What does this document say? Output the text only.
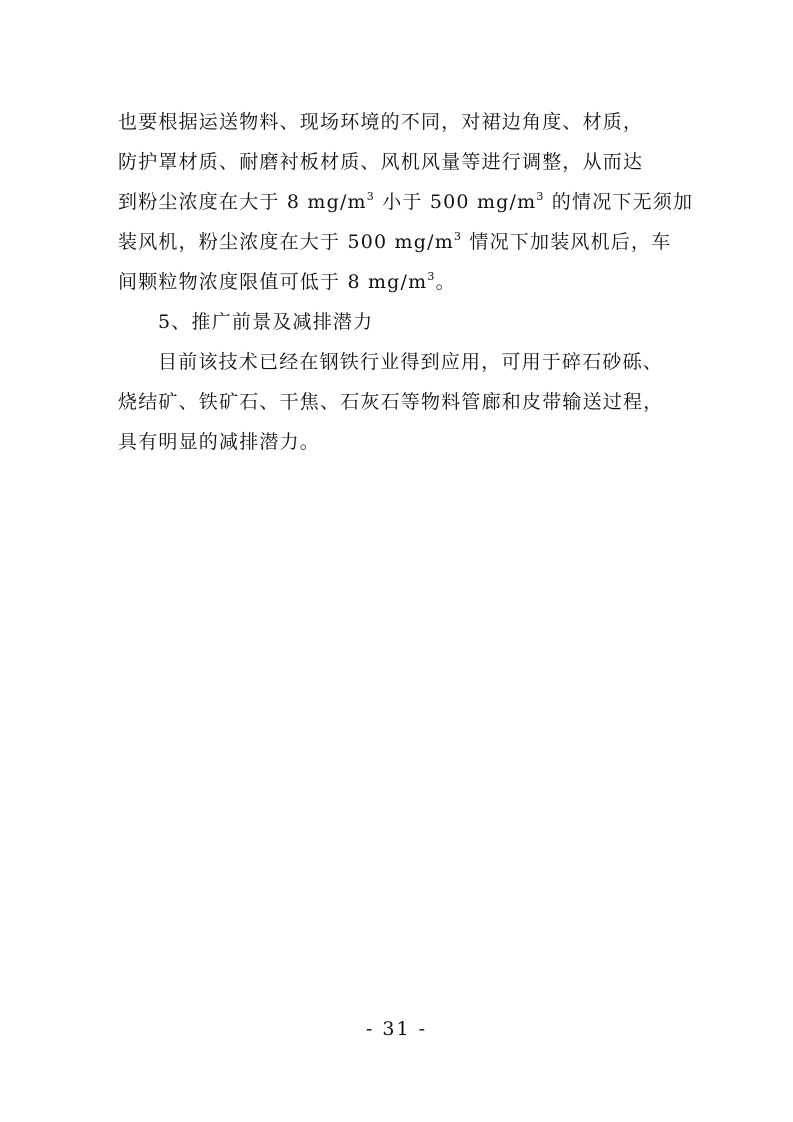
也要根据运送物料、现场环境的不同，对裙边角度、材质，
防护罩材质、耐磨衬板材质、风机风量等进行调整，从而达
到粉尘浓度在大于 8 $mg/m^3$ 小于 500 $mg/m^3$ 的情况下无须加
装风机，粉尘浓度在大于 500 $mg/m^3$ 情况下加装风机后，车
间颗粒物浓度限值可低于 8 $mg/m^3$。
5、推广前景及减排潜力
目前该技术已经在钢铁行业得到应用，可用于碎石砂砾、
烧结矿、铁矿石、干焦、石灰石等物料管廊和皮带输送过程，
具有明显的减排潜力。
- 31 -
